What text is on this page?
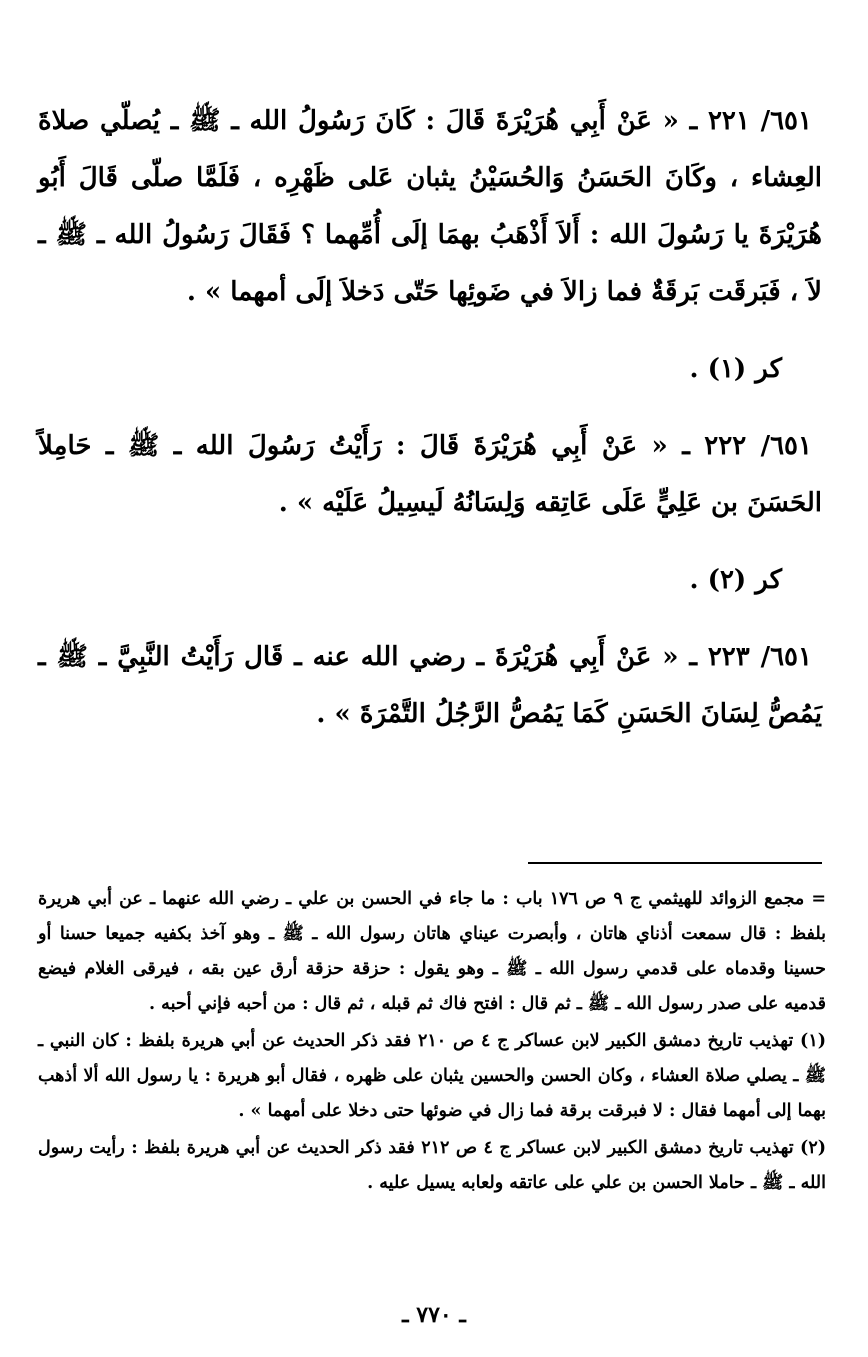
٦٥١/ ٢٢١ ـ « عَنْ أَبِي هُرَيْرَةَ قَالَ : كَانَ رَسُولُ الله ـ ﷺ ـ يُصلّي صلاةَ العِشاء ، وكَانَ الحَسَنُ وَالحُسَيْنُ يثبان عَلى ظَهْرِه ، فَلَمَّا صلّى قَالَ أَبُو هُرَيْرَةَ يا رَسُولَ الله : أَلاَ أَذْهَبُ بهمَا إلَى أُمِّهما ؟ فَقَالَ رَسُولُ الله ـ ﷺ ـ لاَ ، فَبَرقَت بَرقَةٌ فما زالاَ في ضَوئِها حَتّى دَخلاَ إلَى أمهما » .

كر (١) .

٦٥١/ ٢٢٢ ـ « عَنْ أَبِي هُرَيْرَةَ قَالَ : رَأَيْتُ رَسُولَ الله ـ ﷺ ـ حَامِلاً الحَسَنَ بن عَلِيٍّ عَلَى عَاتِقه وَلِسَانُهُ لَيسِيلُ عَلَيْه » .

كر (٢) .

٦٥١/ ٢٢٣ ـ « عَنْ أَبِي هُرَيْرَةَ ـ رضي الله عنه ـ قَال رَأَيْتُ النَّبِيَّ ـ ﷺ ـ يَمُصُّ لِسَانَ الحَسَنِ كَمَا يَمُصُّ الرَّجُلُ التَّمْرَةَ » .

= مجمع الزوائد للهيثمي ج ٩ ص ١٧٦ باب : ما جاء في الحسن بن علي ـ رضي الله عنهما ـ عن أبي هريرة بلفظ : قال سمعت أذناي هاتان ، وأبصرت عيناي هاتان رسول الله ـ ﷺ ـ وهو آخذ بكفيه جميعا حسنا أو حسينا وقدماه على قدمي رسول الله ـ ﷺ ـ وهو يقول : حزقة حزقة أرق عين بقه ، فيرقى الغلام فيضع قدميه على صدر رسول الله ـ ﷺ ـ ثم قال : افتح فاك ثم قبله ، ثم قال : من أحبه فإني أحبه .

(١) تهذيب تاريخ دمشق الكبير لابن عساكر ج ٤ ص ٢١٠ فقد ذكر الحديث عن أبي هريرة بلفظ : كان النبي ـ ﷺ ـ يصلي صلاة العشاء ، وكان الحسن والحسين يثبان على ظهره ، فقال أبو هريرة : يا رسول الله ألا أذهب بهما إلى أمهما فقال : لا فبرقت برقة فما زال في ضوئها حتى دخلا على أمهما » .

(٢) تهذيب تاريخ دمشق الكبير لابن عساكر ج ٤ ص ٢١٢ فقد ذكر الحديث عن أبي هريرة بلفظ : رأيت رسول الله ـ ﷺ ـ حاملا الحسن بن علي على عاتقه ولعابه يسيل عليه .

ـ ٧٧٠ ـ
